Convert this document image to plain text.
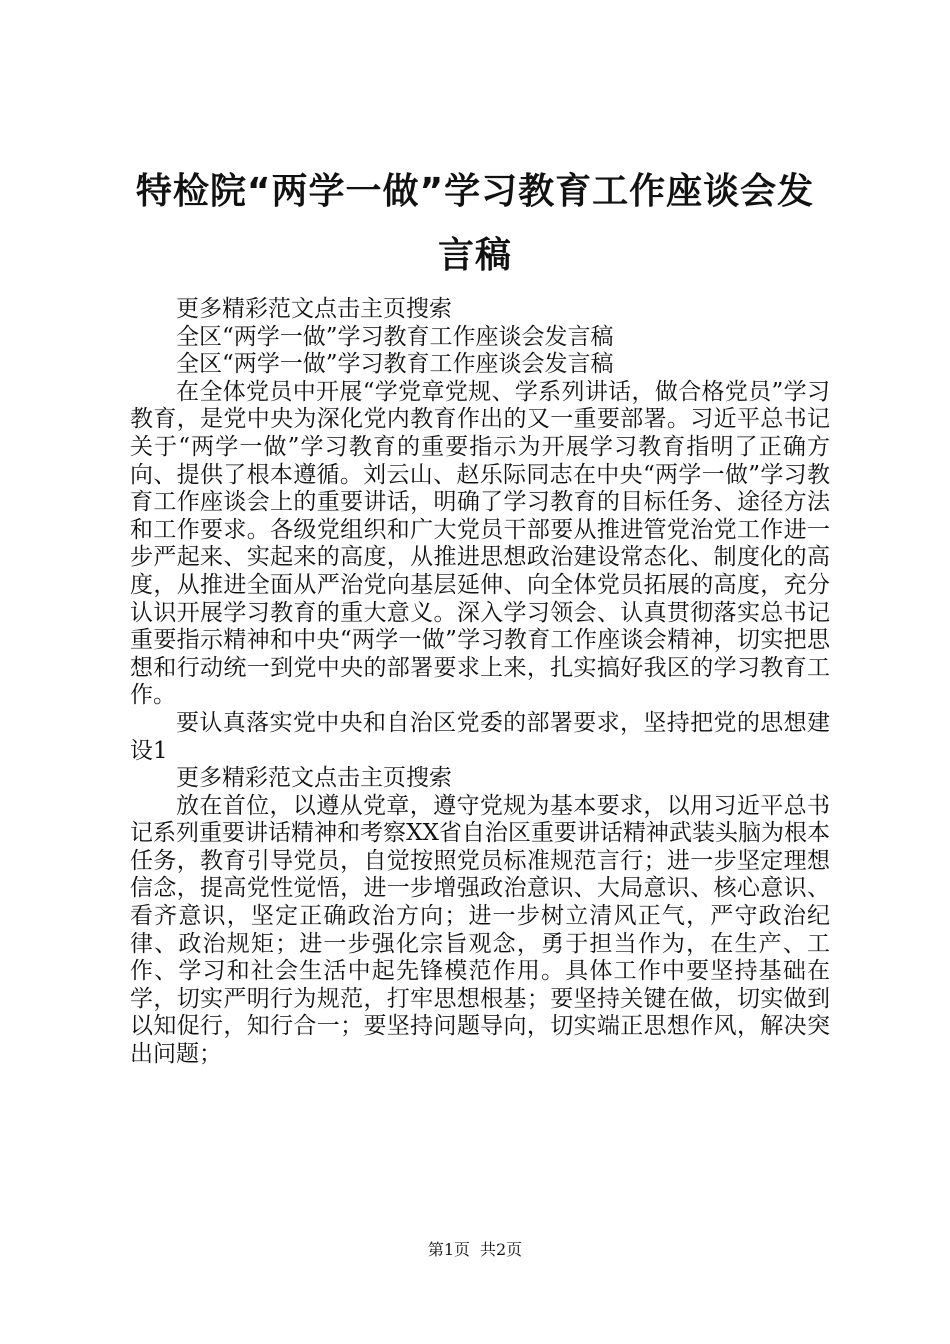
特检院“两学一做”学习教育工作座谈会发言稿

更多精彩范文点击主页搜索

全区“两学一做”学习教育工作座谈会发言稿

全区“两学一做”学习教育工作座谈会发言稿

在全体党员中开展“学党章党规、学系列讲话，做合格党员”学习教育，是党中央为深化党内教育作出的又一重要部署。习近平总书记关于“两学一做”学习教育的重要指示为开展学习教育指明了正确方向、提供了根本遵循。刘云山、赵乐际同志在中央“两学一做”学习教育工作座谈会上的重要讲话，明确了学习教育的目标任务、途径方法和工作要求。各级党组织和广大党员干部要从推进管党治党工作进一步严起来、实起来的高度，从推进思想政治建设常态化、制度化的高度，从推进全面从严治党向基层延伸、向全体党员拓展的高度，充分认识开展学习教育的重大意义。深入学习领会、认真贯彻落实总书记重要指示精神和中央“两学一做”学习教育工作座谈会精神，切实把思想和行动统一到党中央的部署要求上来，扎实搞好我区的学习教育工作。

要认真落实党中央和自治区党委的部署要求，坚持把党的思想建设1

更多精彩范文点击主页搜索

放在首位，以遵从党章，遵守党规为基本要求，以用习近平总书记系列重要讲话精神和考察XX省自治区重要讲话精神武装头脑为根本任务，教育引导党员，自觉按照党员标准规范言行；进一步坚定理想信念，提高党性觉悟，进一步增强政治意识、大局意识、核心意识、看齐意识，坚定正确政治方向；进一步树立清风正气，严守政治纪律、政治规矩；进一步强化宗旨观念，勇于担当作为，在生产、工作、学习和社会生活中起先锋模范作用。具体工作中要坚持基础在学，切实严明行为规范，打牢思想根基；要坚持关键在做，切实做到以知促行，知行合一；要坚持问题导向，切实端正思想作风，解决突出问题；

第1页 共2页
